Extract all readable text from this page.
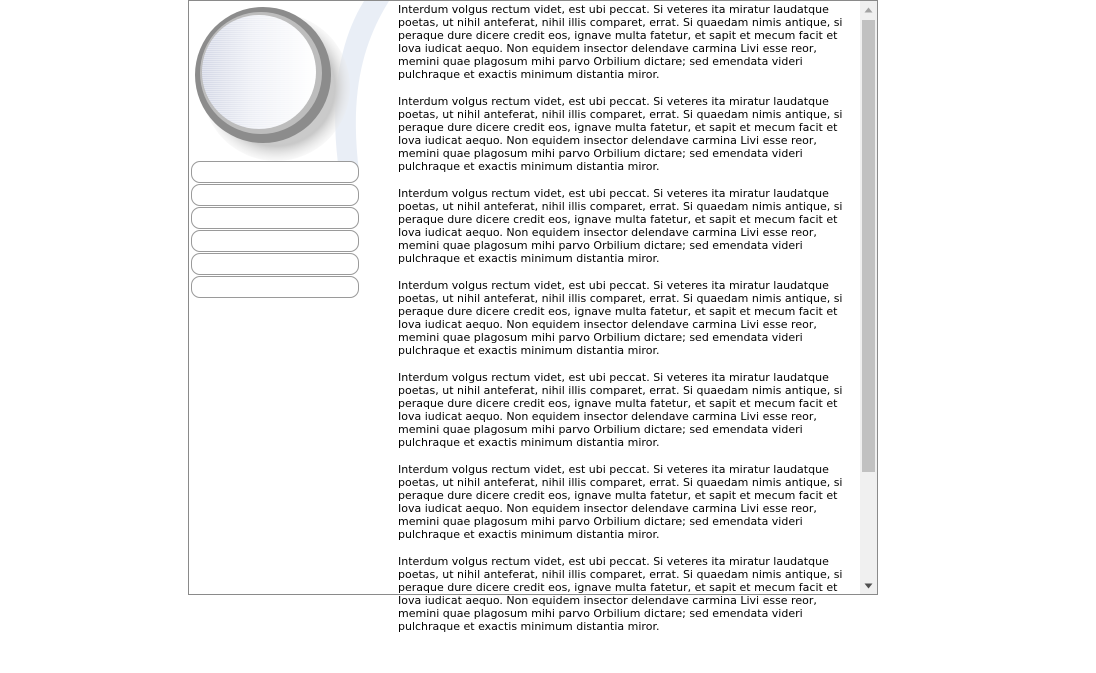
Interdum volgus rectum videt, est ubi peccat. Si veteres ita miratur laudatque poetas, ut nihil anteferat, nihil illis comparet, errat. Si quaedam nimis antique, si peraque dure dicere credit eos, ignave multa fatetur, et sapit et mecum facit et Iova iudicat aequo. Non equidem insector delendave carmina Livi esse reor, memini quae plagosum mihi parvo Orbilium dictare; sed emendata videri pulchraque et exactis minimum distantia miror.

Interdum volgus rectum videt, est ubi peccat. Si veteres ita miratur laudatque poetas, ut nihil anteferat, nihil illis comparet, errat. Si quaedam nimis antique, si peraque dure dicere credit eos, ignave multa fatetur, et sapit et mecum facit et Iova iudicat aequo. Non equidem insector delendave carmina Livi esse reor, memini quae plagosum mihi parvo Orbilium dictare; sed emendata videri pulchraque et exactis minimum distantia miror.

Interdum volgus rectum videt, est ubi peccat. Si veteres ita miratur laudatque poetas, ut nihil anteferat, nihil illis comparet, errat. Si quaedam nimis antique, si peraque dure dicere credit eos, ignave multa fatetur, et sapit et mecum facit et Iova iudicat aequo. Non equidem insector delendave carmina Livi esse reor, memini quae plagosum mihi parvo Orbilium dictare; sed emendata videri pulchraque et exactis minimum distantia miror.

Interdum volgus rectum videt, est ubi peccat. Si veteres ita miratur laudatque poetas, ut nihil anteferat, nihil illis comparet, errat. Si quaedam nimis antique, si peraque dure dicere credit eos, ignave multa fatetur, et sapit et mecum facit et Iova iudicat aequo. Non equidem insector delendave carmina Livi esse reor, memini quae plagosum mihi parvo Orbilium dictare; sed emendata videri pulchraque et exactis minimum distantia miror.

Interdum volgus rectum videt, est ubi peccat. Si veteres ita miratur laudatque poetas, ut nihil anteferat, nihil illis comparet, errat. Si quaedam nimis antique, si peraque dure dicere credit eos, ignave multa fatetur, et sapit et mecum facit et Iova iudicat aequo. Non equidem insector delendave carmina Livi esse reor, memini quae plagosum mihi parvo Orbilium dictare; sed emendata videri pulchraque et exactis minimum distantia miror.

Interdum volgus rectum videt, est ubi peccat. Si veteres ita miratur laudatque poetas, ut nihil anteferat, nihil illis comparet, errat. Si quaedam nimis antique, si peraque dure dicere credit eos, ignave multa fatetur, et sapit et mecum facit et Iova iudicat aequo. Non equidem insector delendave carmina Livi esse reor, memini quae plagosum mihi parvo Orbilium dictare; sed emendata videri pulchraque et exactis minimum distantia miror.

Interdum volgus rectum videt, est ubi peccat. Si veteres ita miratur laudatque poetas, ut nihil anteferat, nihil illis comparet, errat. Si quaedam nimis antique, si peraque dure dicere credit eos, ignave multa fatetur, et sapit et mecum facit et Iova iudicat aequo. Non equidem insector delendave carmina Livi esse reor, memini quae plagosum mihi parvo Orbilium dictare; sed emendata videri pulchraque et exactis minimum distantia miror.
